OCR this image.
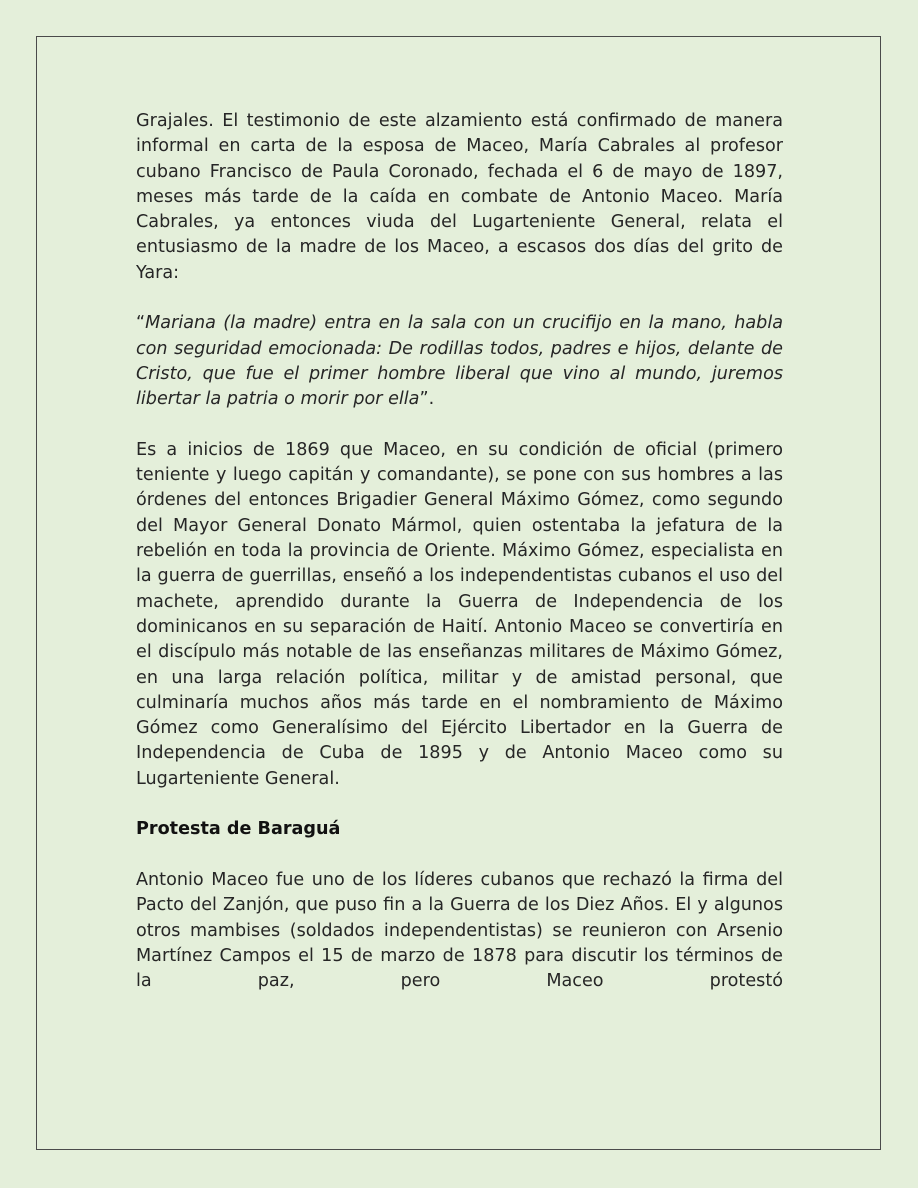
Grajales. El testimonio de este alzamiento está confirmado de manera informal en carta de la esposa de Maceo, María Cabrales al profesor cubano Francisco de Paula Coronado, fechada el 6 de mayo de 1897, meses más tarde de la caída en combate de Antonio Maceo. María Cabrales, ya entonces viuda del Lugarteniente General, relata el entusiasmo de la madre de los Maceo, a escasos dos días del grito de Yara:

“Mariana (la madre) entra en la sala con un crucifijo en la mano, habla con seguridad emocionada: De rodillas todos, padres e hijos, delante de Cristo, que fue el primer hombre liberal que vino al mundo, juremos libertar la patria o morir por ella”.

Es a inicios de 1869 que Maceo, en su condición de oficial (primero teniente y luego capitán y comandante), se pone con sus hombres a las órdenes del entonces Brigadier General Máximo Gómez, como segundo del Mayor General Donato Mármol, quien ostentaba la jefatura de la rebelión en toda la provincia de Oriente. Máximo Gómez, especialista en la guerra de guerrillas, enseñó a los independentistas cubanos el uso del machete, aprendido durante la Guerra de Independencia de los dominicanos en su separación de Haití. Antonio Maceo se convertiría en el discípulo más notable de las enseñanzas militares de Máximo Gómez, en una larga relación política, militar y de amistad personal, que culminaría muchos años más tarde en el nombramiento de Máximo Gómez como Generalísimo del Ejército Libertador en la Guerra de Independencia de Cuba de 1895 y de Antonio Maceo como su Lugarteniente General.

Protesta de Baraguá

Antonio Maceo fue uno de los líderes cubanos que rechazó la firma del Pacto del Zanjón, que puso fin a la Guerra de los Diez Años. El y algunos otros mambises (soldados independentistas) se reunieron con Arsenio Martínez Campos el 15 de marzo de 1878 para discutir los términos de la paz, pero Maceo protestó
